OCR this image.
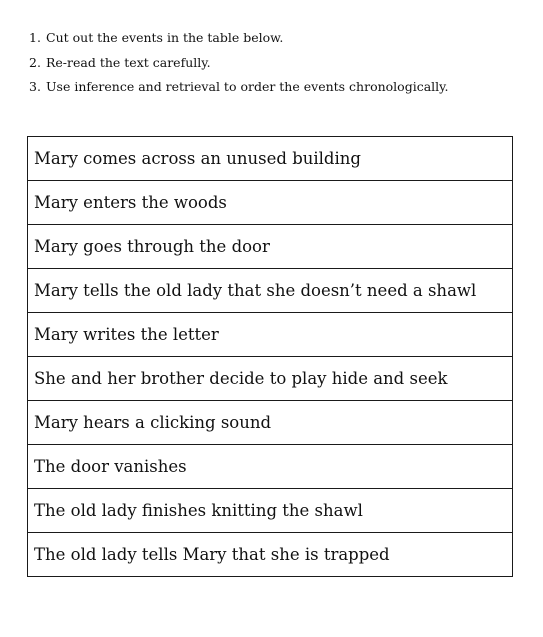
1. Cut out the events in the table below.
2. Re-read the text carefully.
3. Use inference and retrieval to order the events chronologically.
Mary comes across an unused building
Mary enters the woods
Mary goes through the door
Mary tells the old lady that she doesn’t need a shawl
Mary writes the letter
She and her brother decide to play hide and seek
Mary hears a clicking sound
The door vanishes
The old lady finishes knitting the shawl
The old lady tells Mary that she is trapped
